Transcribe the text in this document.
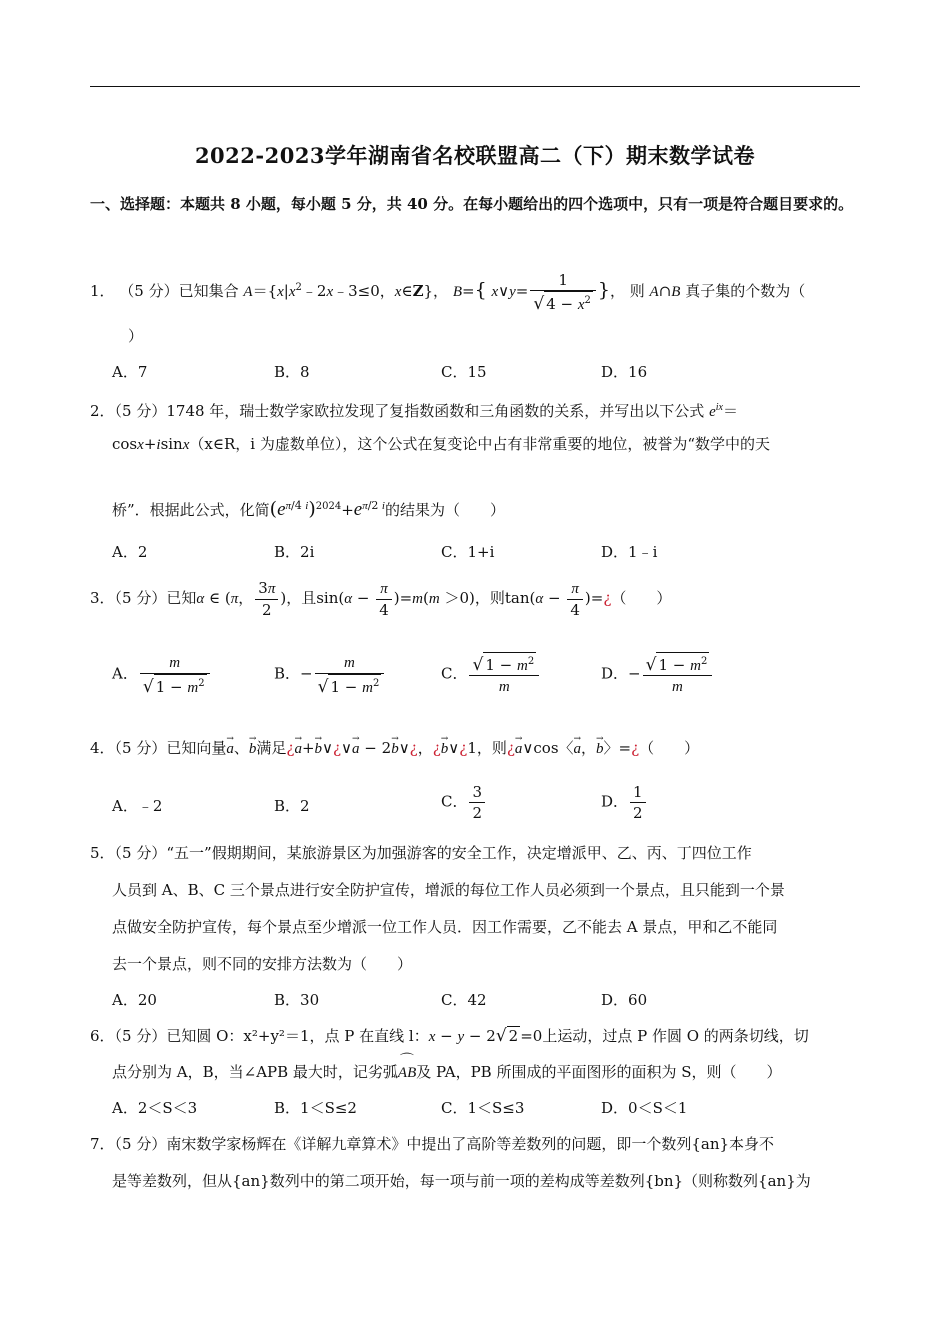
2022-2023学年湖南省名校联盟高二（下）期末数学试卷
一、选择题：本题共 8 小题，每小题 5 分，共 40 分。在每小题给出的四个选项中，只有一项是符合题目要求的。
1． （5 分）已知集合 $A=\{x|x^2﹣2x﹣3\le 0$，x∈Z}， B={ x∨y= $\frac{1}{√ 4 - x^2}$ }， 则 A∩B 真子集的个数为（
）
A．7	B．8	C．15	D．16
2．（5 分）1748 年，瑞士数学家欧拉发现了复指数函数和三角函数的关系，并写出以下公式 $e^{ix}=$
cosx+isinx（x∈R，i 为虚数单位），这个公式在复变论中占有非常重要的地位，被誉为“数学中的天
桥”．根据此公式，化简$(e^{\pi/4 i})^{2024}+e^{\pi/2 i}$的结果为（　　）
A．2	B．2i	C．1+i	D．1﹣i
3．（5 分）已知α ∈ (π， $\frac{3\pi}{2}$ )，且$\sin(\alpha - \frac{\pi}{4} )=m(m >0)$，则$\tan(\alpha - \frac{\pi}{4}$ )=¿（　　）
A． $\frac{m}{√ 1 - m^2}$	B．− $\frac{m}{√ 1 - m^2}$	C． $\frac{√ 1 - m^2}{m}$	D．− $\frac{√ 1 - m^2}{m}$
4．（5 分）已知向量→ a、→ b满足¿→ a+→ b∨¿∨→ a − 2→ b∨¿，¿→ b∨¿1，则¿→ a∨cos〈→ a，→ b〉=¿（　　）
A．﹣2	B．2	C． $\frac{3}{2}$	D． $\frac{1}{2}$
5．（5 分）“五一”假期期间，某旅游景区为加强游客的安全工作，决定增派甲、乙、丙、丁四位工作
人员到 A、B、C 三个景点进行安全防护宣传，增派的每位工作人员必须到一个景点，且只能到一个景
点做安全防护宣传，每个景点至少增派一位工作人员．因工作需要，乙不能去 A 景点，甲和乙不能同
去一个景点，则不同的安排方法数为（　　）
A．20	B．30	C．42	D．60
6．（5 分）已知圆 O：x²+y²＝1，点 P 在直线 l：x − y − 2√ 2 =0上运动，过点 P 作圆 O 的两条切线，切
点分别为 A，B，当∠APB 最大时，记劣弧⌒ AB及 PA，PB 所围成的平面图形的面积为 S，则（　　）
A．2＜S＜3	B．1＜S≤2	C．1＜S≤3	D．0＜S＜1
7．（5 分）南宋数学家杨辉在《详解九章算术》中提出了高阶等差数列的问题，即一个数列{an}本身不
是等差数列，但从{an}数列中的第二项开始，每一项与前一项的差构成等差数列{bn}（则称数列{an}为
